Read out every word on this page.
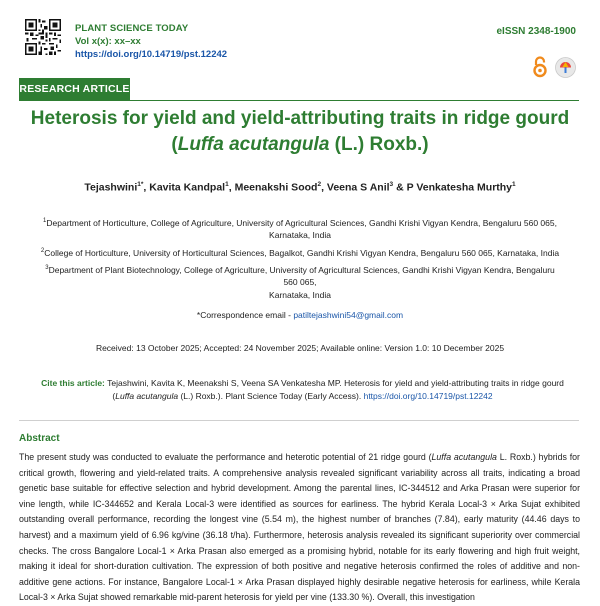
PLANT SCIENCE TODAY
Vol x(x): xx–xx
https://doi.org/10.14719/pst.12242
eISSN 2348-1900
RESEARCH ARTICLE
Heterosis for yield and yield-attributing traits in ridge gourd
(Luffa acutangula (L.) Roxb.)
Tejashwini$^{1*}$, Kavita Kandpal$^1$, Meenakshi Sood$^2$, Veena S Anil$^3$ & P Venkatesha Murthy$^1$
$^1$Department of Horticulture, College of Agriculture, University of Agricultural Sciences, Gandhi Krishi Vigyan Kendra, Bengaluru 560 065,
Karnataka, India
$^2$College of Horticulture, University of Horticultural Sciences, Bagalkot, Gandhi Krishi Vigyan Kendra, Bengaluru 560 065, Karnataka, India
$^3$Department of Plant Biotechnology, College of Agriculture, University of Agricultural Sciences, Gandhi Krishi Vigyan Kendra, Bengaluru 560 065,
Karnataka, India
*Correspondence email - patiltejashwini54@gmail.com
Received: 13 October 2025; Accepted: 24 November 2025; Available online: Version 1.0: 10 December 2025
Cite this article: Tejashwini, Kavita K, Meenakshi S, Veena SA Venkatesha MP. Heterosis for yield and yield-attributing traits in ridge gourd (Luffa acutangula (L.) Roxb.). Plant Science Today (Early Access). https://doi.org/10.14719/pst.12242
Abstract
The present study was conducted to evaluate the performance and heterotic potential of 21 ridge gourd (Luffa acutangula L. Roxb.) hybrids for critical growth, flowering and yield-related traits. A comprehensive analysis revealed significant variability across all traits, indicating a broad genetic base suitable for effective selection and hybrid development. Among the parental lines, IC-344512 and Arka Prasan were superior for vine length, while IC-344652 and Kerala Local-3 were identified as sources for earliness. The hybrid Kerala Local-3 × Arka Sujat exhibited outstanding overall performance, recording the longest vine (5.54 m), the highest number of branches (7.84), early maturity (44.46 days to harvest) and a maximum yield of 6.96 kg/vine (36.18 t/ha). Furthermore, heterosis analysis revealed its significant superiority over commercial checks. The cross Bangalore Local-1 × Arka Prasan also emerged as a promising hybrid, notable for its early flowering and high fruit weight, making it ideal for short-duration cultivation. The expression of both positive and negative heterosis confirmed the roles of additive and non-additive gene actions. For instance, Bangalore Local-1 × Arka Prasan displayed highly desirable negative heterosis for earliness, while Kerala Local-3 × Arka Sujat showed remarkable mid-parent heterosis for yield per vine (133.30 %). Overall, this investigation
